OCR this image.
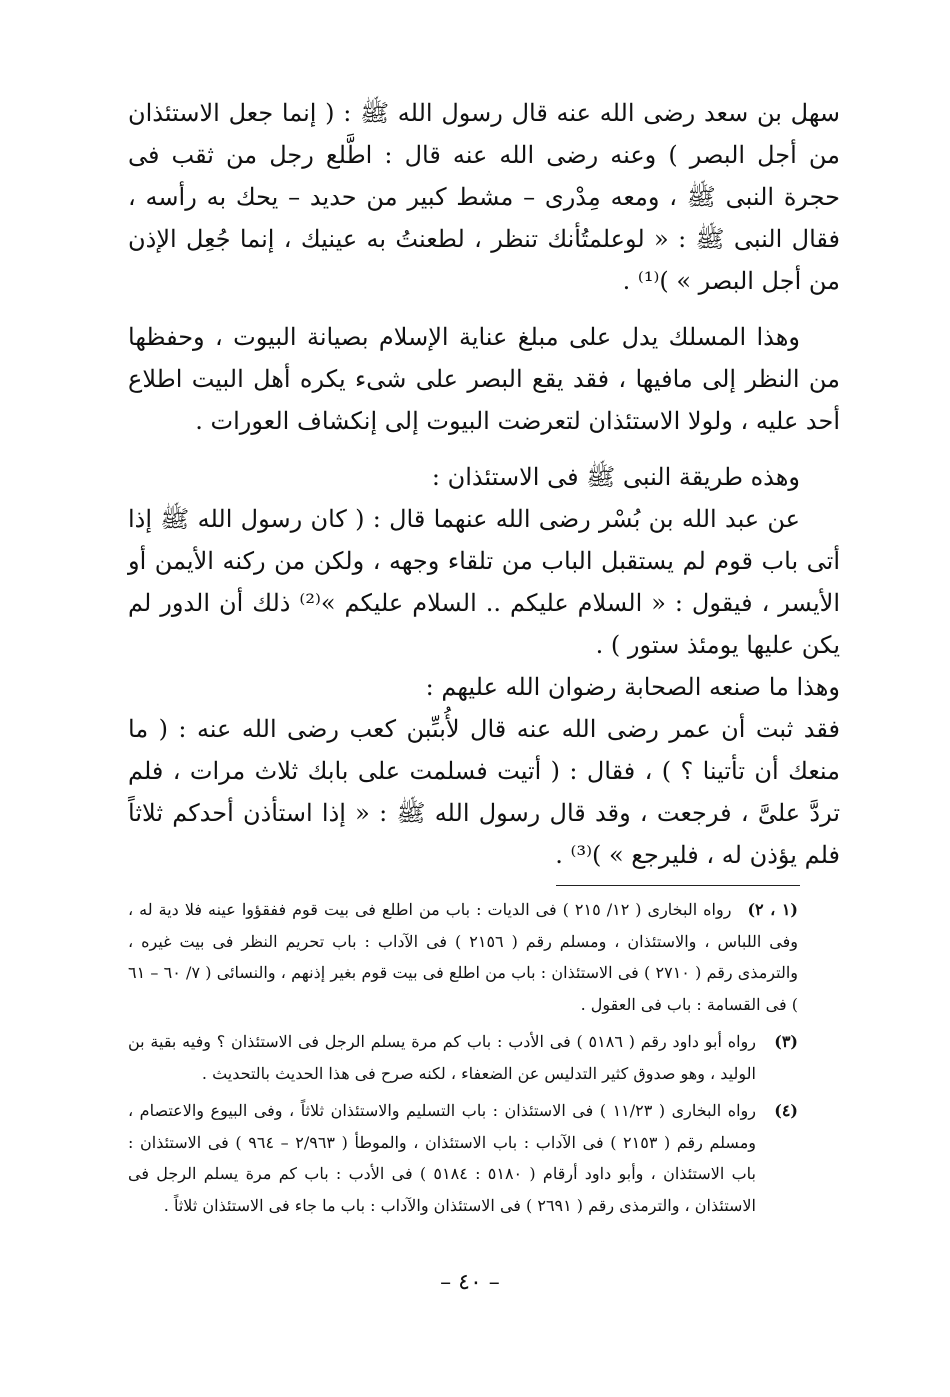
سهل بن سعد رضى الله عنه قال رسول الله ﷺ : ( إنما جعل الاستئذان من أجل البصر ) وعنه رضى الله عنه قال : اطَّلع رجل من ثقب فى حجرة النبى ﷺ ، ومعه مِدْرى – مشط كبير من حديد – يحك به رأسه ، فقال النبى ﷺ : « لوعلمتُأنك تنظر ، لطعنتُ به عينيك ، إنما جُعِل الإذن من أجل البصر » )⁽¹⁾ .

وهذا المسلك يدل على مبلغ عناية الإسلام بصيانة البيوت ، وحفظها من النظر إلى مافيها ، فقد يقع البصر على شىء يكره أهل البيت اطلاع أحد عليه ، ولولا الاستئذان لتعرضت البيوت إلى إنكشاف العورات .

وهذه طريقة النبى ﷺ فى الاستئذان :

عن عبد الله بن بُسْر رضى الله عنهما قال : ( كان رسول الله ﷺ إذا أتى باب قوم لم يستقبل الباب من تلقاء وجهه ، ولكن من ركنه الأيمن أو الأيسر ، فيقول : « السلام عليكم .. السلام عليكم »⁽²⁾ ذلك أن الدور لم يكن عليها يومئذ ستور ) .

وهذا ما صنعه الصحابة رضوان الله عليهم :

فقد ثبت أن عمر رضى الله عنه قال لأُبىِّبن كعب رضى الله عنه : ( ما منعك أن تأتينا ؟ ) ، فقال : ( أتيت فسلمت على بابك ثلاث مرات ، فلم تردَّ علىَّ ، فرجعت ، وقد قال رسول الله ﷺ : « إذا استأذن أحدكم ثلاثاً فلم يؤذن له ، فليرجع » )⁽³⁾ .

(١ ، ٢) رواه البخارى ( ١٢/ ٢١٥ ) فى الديات : باب من اطلع فى بيت قوم ففقؤوا عينه فلا دية له ، وفى اللباس ، والاستئذان ، ومسلم رقم ( ٢١٥٦ ) فى الآداب : باب تحريم النظر فى بيت غيره ، والترمذى رقم ( ٢٧١٠ ) فى الاستئذان : باب من اطلع فى بيت قوم بغير إذنهم ، والنسائى ( ٧/ ٦٠ – ٦١ ) فى القسامة : باب فى العقول .
(٣)
رواه أبو داود رقم ( ٥١٨٦ ) فى الأدب : باب كم مرة يسلم الرجل فى الاستئذان ؟ وفيه بقية بن الوليد ، وهو صدوق كثير التدليس عن الضعفاء ، لكنه صرح فى هذا الحديث بالتحديث .
(٤)
رواه البخارى ( ١١/٢٣ ) فى الاستئذان : باب التسليم والاستئذان ثلاثاً ، وفى البيوع والاعتصام ، ومسلم رقم ( ٢١٥٣ ) فى الآداب : باب الاستئذان ، والموطأ ( ٢/٩٦٣ – ٩٦٤ ) فى الاستئذان : باب الاستئذان ، وأبو داود أرقام ( ٥١٨٠ : ٥١٨٤ ) فى الأدب : باب كم مرة يسلم الرجل فى الاستئذان ، والترمذى رقم ( ٢٦٩١ ) فى الاستئذان والآداب : باب ما جاء فى الاستئذان ثلاثاً .
– ٤٠ –
